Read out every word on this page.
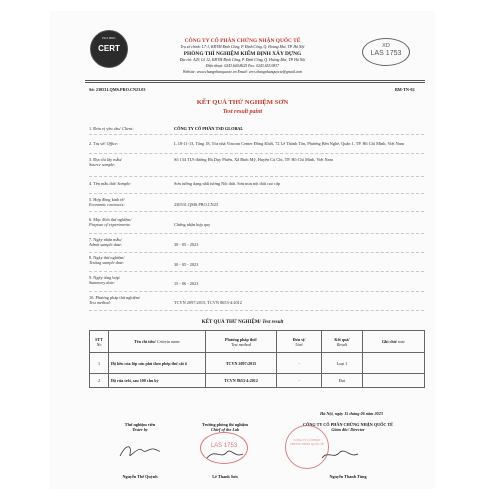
ISO 9001
CERT	XD
LAS 1753
CÔNG TY CỔ PHẦN CHỨNG NHẬN QUỐC TẾ
Trụ sở chính: L7-1, KĐTM Định Công, P. Định Công, Q. Hoàng Mai, TP. Hà Nội
PHÒNG THÍ NGHIỆM KIỂM ĐỊNH XÂY DỰNG
Địa chỉ: A29, Lô 12, KĐTM Định Công, P. Định Công, Q. Hoàng Mai, TP. Hà Nội
Điện thoại: 0243.640.8625 Fax: 0243.653.0837
Website: www.chungnhanquocte.vn Email: cert.chungnhanquocte@gmail.com
Số: 230531.QMS.PRO.CN23.03	BM-TN-02
KẾT QUẢ THỬ NGHIỆM SƠN
Test result paint
1. Đơn vị yêu cầu/ Client:	CÔNG TY CỔ PHẦN TSD GLOBAL
2. Trụ sở/ Office:	L.18-11-13, Tầng 18, Tòa nhà Vincom Center Đồng Khởi, 72 Lê Thánh Tôn, Phường Bến Nghé, Quận 1, TP. Hồ Chí Minh, Việt Nam
3. Địa chỉ lấy mẫu/
Source sample:
Số 134 TL9 đường Hà Duy Phiên, Xã Bình Mỹ, Huyện Củ Chi, TP. Hồ Chí Minh, Việt Nam
4. Tên mẫu thử/ Sample:	Sơn tường dạng nhũ tương Nội thất. Sơn min nội thất cao cấp
5. Hợp đồng kinh tế/
Economic contracts:	230531.QMS.PRO.CN23
6. Mục đích thử nghiệm/
Purpose of experiments:	Chứng nhận hợp quy
7. Ngày nhận mẫu/
Admit sample date:	30 - 05 - 2023
8. Ngày thử nghiệm/
Testing sample date:	30 - 05 - 2023
9. Ngày tổng hợp/
Summary date:	15 - 06 - 2023
10. Phương pháp thử nghiệm/
Test method:	TCVN 2097:2015, TCVN 8653-4:2012
KẾT QUẢ THỬ NGHIỆM/ Test result
STT
No	Tên chỉ tiêu/ Criteria name	Phương pháp thử/
Test method	Đơn vị/
Unit	Kết quả/
Result	Ghi chú/ note
1	Độ bền của lớp sơn phủ theo phép thử cắt ô	TCVN 2097:2015	-	Loại 1	
2	Độ rửa trôi, sau 100 chu kỳ	TCVN 8653-4:2012	-	Đạt	
Hà Nội, ngày 15 tháng 06 năm 2023
Thử nghiệm viên
Tester by
Trưởng phòng thí nghiệm
Chief of the Lab
CÔNG TY CỔ PHẦN CHỨNG NHẬN QUỐC TẾ
Giám đốc/ Director
LAS 1753
CÔNG TY CỔ PHẦN CHỨNG NHẬN QUỐC TẾ
Nguyễn Thế Quỳnh	Lê Thanh Sơn	Nguyễn Thanh Tùng
